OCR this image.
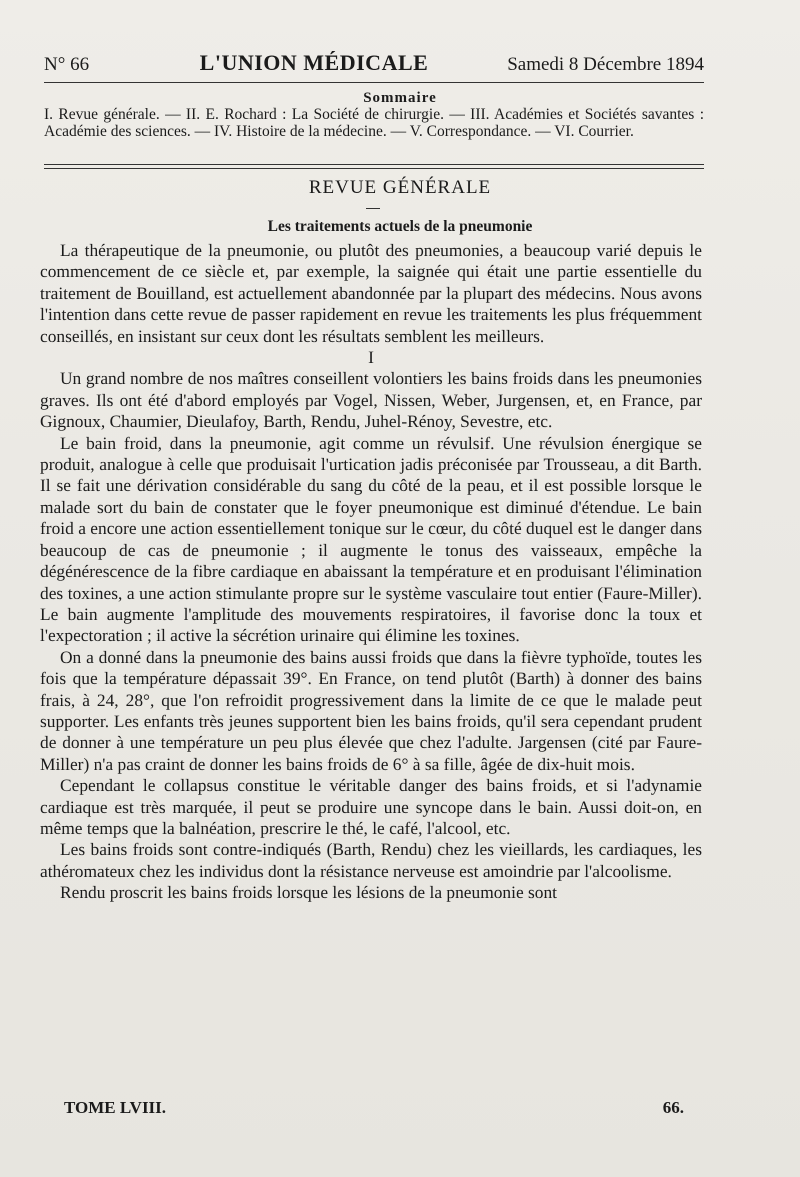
N° 66	L'UNION MÉDICALE	Samedi 8 Décembre 1894
Sommaire
I. Revue générale. — II. E. Rochard : La Société de chirurgie. — III. Académies et Sociétés savantes : Académie des sciences. — IV. Histoire de la médecine. — V. Correspondance. — VI. Courrier.
REVUE GÉNÉRALE
Les traitements actuels de la pneumonie

La thérapeutique de la pneumonie, ou plutôt des pneumonies, a beaucoup varié depuis le commencement de ce siècle et, par exemple, la saignée qui était une partie essentielle du traitement de Bouilland, est actuellement abandonnée par la plupart des médecins. Nous avons l'intention dans cette revue de passer rapidement en revue les traitements les plus fréquemment conseillés, en insistant sur ceux dont les résultats semblent les meilleurs.

I

Un grand nombre de nos maîtres conseillent volontiers les bains froids dans les pneumonies graves. Ils ont été d'abord employés par Vogel, Nissen, Weber, Jurgensen, et, en France, par Gignoux, Chaumier, Dieulafoy, Barth, Rendu, Juhel-Rénoy, Sevestre, etc.

Le bain froid, dans la pneumonie, agit comme un révulsif. Une révulsion énergique se produit, analogue à celle que produisait l'urtication jadis préconisée par Trousseau, a dit Barth. Il se fait une dérivation considérable du sang du côté de la peau, et il est possible lorsque le malade sort du bain de constater que le foyer pneumonique est diminué d'étendue. Le bain froid a encore une action essentiellement tonique sur le cœur, du côté duquel est le danger dans beaucoup de cas de pneumonie ; il augmente le tonus des vaisseaux, empêche la dégénérescence de la fibre cardiaque en abaissant la température et en produisant l'élimination des toxines, a une action stimulante propre sur le système vasculaire tout entier (Faure-Miller). Le bain augmente l'amplitude des mouvements respiratoires, il favorise donc la toux et l'expectoration ; il active la sécrétion urinaire qui élimine les toxines.

On a donné dans la pneumonie des bains aussi froids que dans la fièvre typhoïde, toutes les fois que la température dépassait 39°. En France, on tend plutôt (Barth) à donner des bains frais, à 24, 28°, que l'on refroidit progressivement dans la limite de ce que le malade peut supporter. Les enfants très jeunes supportent bien les bains froids, qu'il sera cependant prudent de donner à une température un peu plus élevée que chez l'adulte. Jargensen (cité par Faure-Miller) n'a pas craint de donner les bains froids de 6° à sa fille, âgée de dix-huit mois.

Cependant le collapsus constitue le véritable danger des bains froids, et si l'adynamie cardiaque est très marquée, il peut se produire une syncope dans le bain. Aussi doit-on, en même temps que la balnéation, prescrire le thé, le café, l'alcool, etc.

Les bains froids sont contre-indiqués (Barth, Rendu) chez les vieillards, les cardiaques, les athéromateux chez les individus dont la résistance nerveuse est amoindrie par l'alcoolisme.

Rendu proscrit les bains froids lorsque les lésions de la pneumonie sont

TOME LVIII.	66.
